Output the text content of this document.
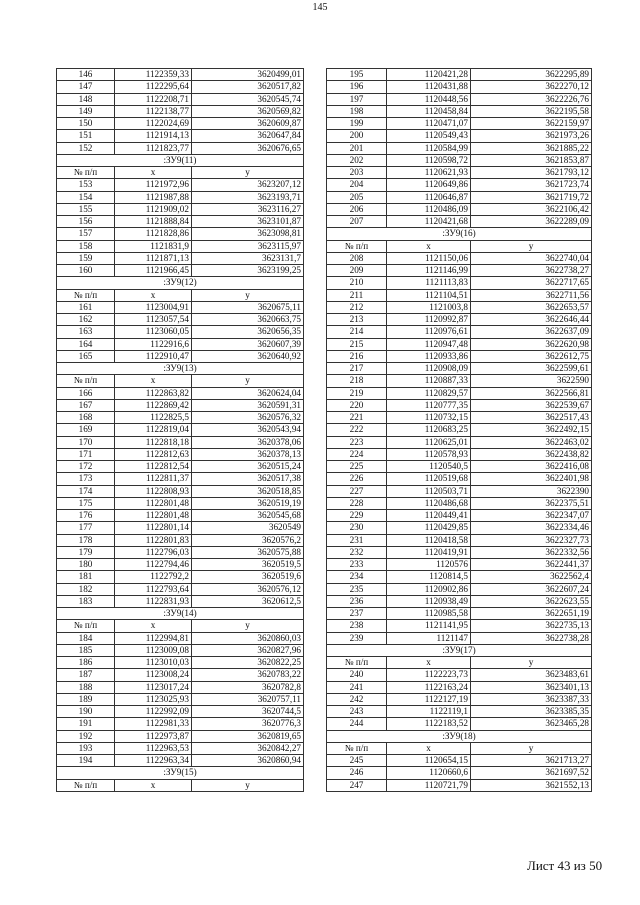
145
146	1122359,33	3620499,01
147	1122295,64	3620517,82
148	1122208,71	3620545,74
149	1122138,77	3620569,82
150	1122024,69	3620609,87
151	1121914,13	3620647,84
152	1121823,77	3620676,65
:ЗУ9(11)		
№ п/п	x	y
153	1121972,96	3623207,12
154	1121987,88	3623193,71
155	1121909,02	3623116,27
156	1121888,84	3623101,87
157	1121828,86	3623098,81
158	1121831,9	3623115,97
159	1121871,13	3623131,7
160	1121966,45	3623199,25
:ЗУ9(12)		
№ п/п	x	y
161	1123004,91	3620675,11
162	1123057,54	3620663,75
163	1123060,05	3620656,35
164	1122916,6	3620607,39
165	1122910,47	3620640,92
:ЗУ9(13)		
№ п/п	x	y
166	1122863,82	3620624,04
167	1122869,42	3620591,31
168	1122825,5	3620576,32
169	1122819,04	3620543,94
170	1122818,18	3620378,06
171	1122812,63	3620378,13
172	1122812,54	3620515,24
173	1122811,37	3620517,38
174	1122808,93	3620518,85
175	1122801,48	3620519,19
176	1122801,48	3620545,68
177	1122801,14	3620549
178	1122801,83	3620576,2
179	1122796,03	3620575,88
180	1122794,46	3620519,5
181	1122792,2	3620519,6
182	1122793,64	3620576,12
183	1122831,93	3620612,5
:ЗУ9(14)		
№ п/п	x	y
184	1122994,81	3620860,03
185	1123009,08	3620827,96
186	1123010,03	3620822,25
187	1123008,24	3620783,22
188	1123017,24	3620782,8
189	1123025,93	3620757,11
190	1122992,09	3620744,5
191	1122981,33	3620776,3
192	1122973,87	3620819,65
193	1122963,53	3620842,27
194	1122963,34	3620860,94
:ЗУ9(15)		
№ п/п	x	y
195	1120421,28	3622295,89
196	1120431,88	3622270,12
197	1120448,56	3622226,76
198	1120458,84	3622195,58
199	1120471,07	3622159,97
200	1120549,43	3621973,26
201	1120584,99	3621885,22
202	1120598,72	3621853,87
203	1120621,93	3621793,12
204	1120649,86	3621723,74
205	1120646,87	3621719,72
206	1120486,09	3622106,42
207	1120421,68	3622289,09
:ЗУ9(16)		
№ п/п	x	y
208	1121150,06	3622740,04
209	1121146,99	3622738,27
210	1121113,83	3622717,65
211	1121104,51	3622711,56
212	1121003,8	3622653,57
213	1120992,87	3622646,44
214	1120976,61	3622637,09
215	1120947,48	3622620,98
216	1120933,86	3622612,75
217	1120908,09	3622599,61
218	1120887,33	3622590
219	1120829,57	3622566,81
220	1120777,35	3622539,67
221	1120732,15	3622517,43
222	1120683,25	3622492,15
223	1120625,01	3622463,02
224	1120578,93	3622438,82
225	1120540,5	3622416,08
226	1120519,68	3622401,98
227	1120503,71	3622390
228	1120486,68	3622375,51
229	1120449,41	3622347,07
230	1120429,85	3622334,46
231	1120418,58	3622327,73
232	1120419,91	3622332,56
233	1120576	3622441,37
234	1120814,5	3622562,4
235	1120902,86	3622607,24
236	1120938,49	3622623,55
237	1120985,58	3622651,19
238	1121141,95	3622735,13
239	1121147	3622738,28
:ЗУ9(17)		
№ п/п	x	y
240	1122223,73	3623483,61
241	1122163,24	3623401,13
242	1122127,19	3623387,33
243	1122119,1	3623385,35
244	1122183,52	3623465,28
:ЗУ9(18)		
№ п/п	x	y
245	1120654,15	3621713,27
246	1120660,6	3621697,52
247	1120721,79	3621552,13
Лист 43 из 50
